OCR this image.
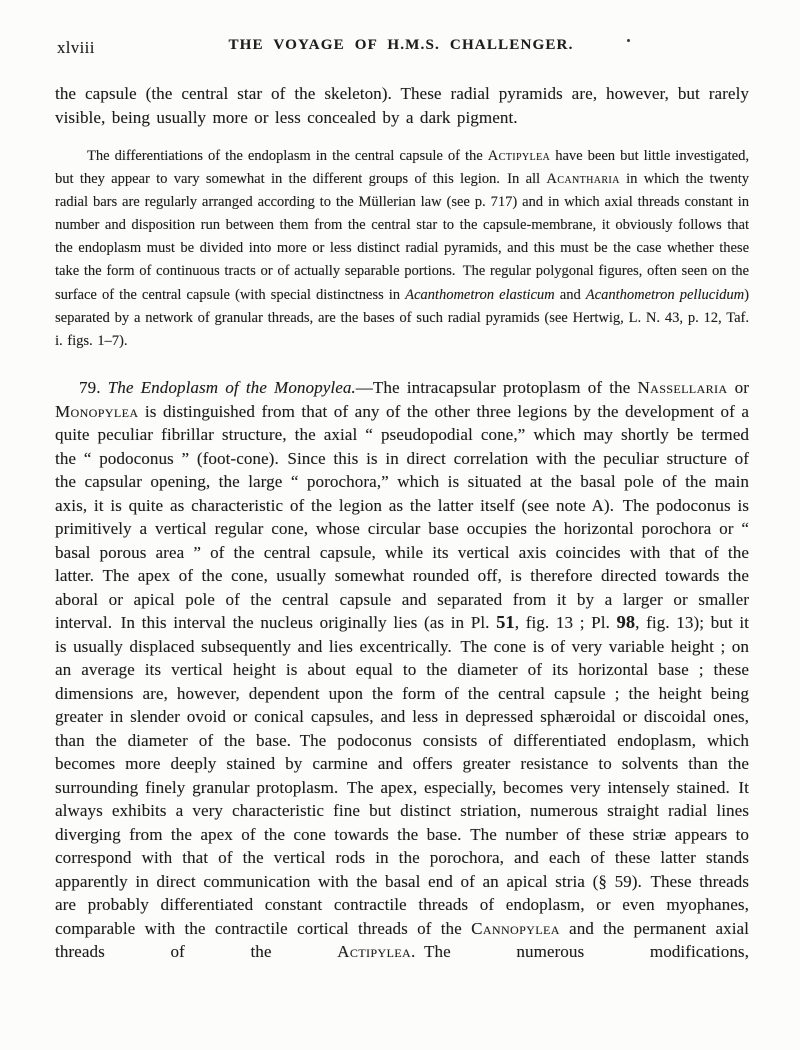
xlviii	THE VOYAGE OF H.M.S. CHALLENGER.

the capsule (the central star of the skeleton). These radial pyramids are, however, but rarely visible, being usually more or less concealed by a dark pigment.

The differentiations of the endoplasm in the central capsule of the Actipylea have been but little investigated, but they appear to vary somewhat in the different groups of this legion. In all Acantharia in which the twenty radial bars are regularly arranged according to the Müllerian law (see p. 717) and in which axial threads constant in number and disposition run between them from the central star to the capsule-membrane, it obviously follows that the endoplasm must be divided into more or less distinct radial pyramids, and this must be the case whether these take the form of continuous tracts or of actually separable portions. The regular polygonal figures, often seen on the surface of the central capsule (with special distinctness in Acanthometron elasticum and Acanthometron pellucidum) separated by a network of granular threads, are the bases of such radial pyramids (see Hertwig, L. N. 43, p. 12, Taf. i. figs. 1–7).

79. The Endoplasm of the Monopylea.—The intracapsular protoplasm of the Nassellaria or Monopylea is distinguished from that of any of the other three legions by the development of a quite peculiar fibrillar structure, the axial “ pseudopodial cone,” which may shortly be termed the “ podoconus ” (foot-cone). Since this is in direct correlation with the peculiar structure of the capsular opening, the large “ porochora,” which is situated at the basal pole of the main axis, it is quite as characteristic of the legion as the latter itself (see note A). The podoconus is primitively a vertical regular cone, whose circular base occupies the horizontal porochora or “ basal porous area ” of the central capsule, while its vertical axis coincides with that of the latter. The apex of the cone, usually somewhat rounded off, is therefore directed towards the aboral or apical pole of the central capsule and separated from it by a larger or smaller interval. In this interval the nucleus originally lies (as in Pl. 51, fig. 13 ; Pl. 98, fig. 13); but it is usually displaced subsequently and lies excentrically. The cone is of very variable height ; on an average its vertical height is about equal to the diameter of its horizontal base ; these dimensions are, however, dependent upon the form of the central capsule ; the height being greater in slender ovoid or conical capsules, and less in depressed sphæroidal or discoidal ones, than the diameter of the base. The podoconus consists of differentiated endoplasm, which becomes more deeply stained by carmine and offers greater resistance to solvents than the surrounding finely granular protoplasm. The apex, especially, becomes very intensely stained. It always exhibits a very characteristic fine but distinct striation, numerous straight radial lines diverging from the apex of the cone towards the base. The number of these striæ appears to correspond with that of the vertical rods in the porochora, and each of these latter stands apparently in direct communication with the basal end of an apical stria (§ 59). These threads are probably differentiated constant contractile threads of endoplasm, or even myophanes, comparable with the contractile cortical threads of the Cannopylea and the permanent axial threads of the Actipylea. The numerous modifications,
